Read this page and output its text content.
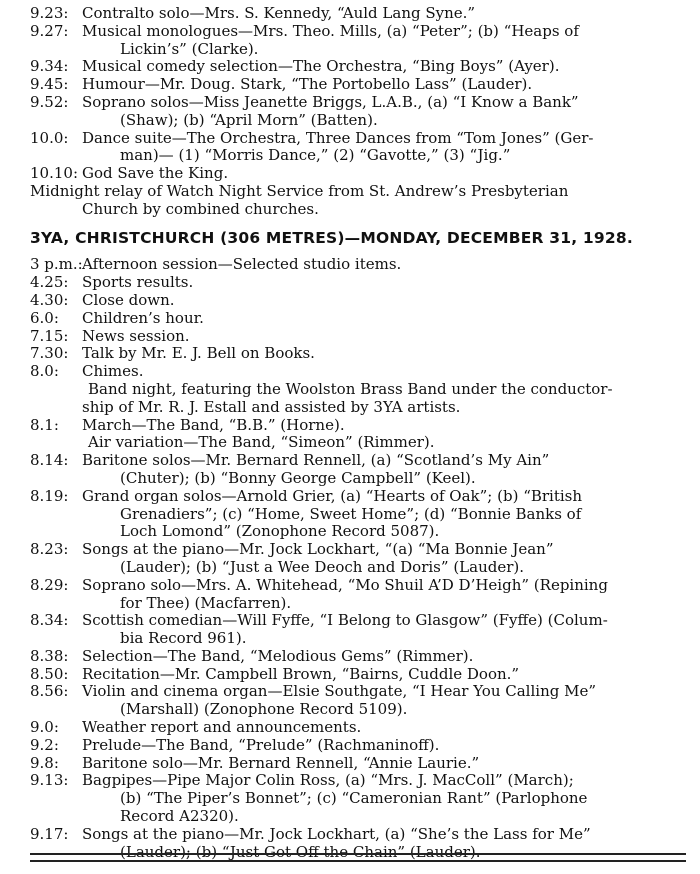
9.23: Contralto solo—Mrs. S. Kennedy, “Auld Lang Syne.”
9.27: Musical monologues—Mrs. Theo. Mills, (a) “Peter”; (b) “Heaps of
Lickin’s” (Clarke).
9.34: Musical comedy selection—The Orchestra, “Bing Boys” (Ayer).
9.45: Humour—Mr. Doug. Stark, “The Portobello Lass” (Lauder).
9.52: Soprano solos—Miss Jeanette Briggs, L.A.B., (a) “I Know a Bank”
(Shaw); (b) “April Morn” (Batten).
10.0: Dance suite—The Orchestra, Three Dances from “Tom Jones” (Ger-
man)— (1) “Morris Dance,” (2) “Gavotte,” (3) “Jig.”
10.10: God Save the King.
Midnight relay of Watch Night Service from St. Andrew’s Presbyterian
Church by combined churches.
3YA, CHRISTCHURCH (306 METRES)—MONDAY, DECEMBER 31, 1928.
3 p.m.: Afternoon session—Selected studio items.
4.25: Sports results.
4.30: Close down.
6.0:	Children’s hour.
7.15: News session.
7.30: Talk by Mr. E. J. Bell on Books.
8.0:	Chimes.
Band night, featuring the Woolston Brass Band under the conductor-
ship of Mr. R. J. Estall and assisted by 3YA artists.
8.1:	March—The Band, “B.B.” (Horne).
Air variation—The Band, “Simeon” (Rimmer).
8.14: Baritone solos—Mr. Bernard Rennell, (a) “Scotland’s My Ain”
(Chuter); (b) “Bonny George Campbell” (Keel).
8.19: Grand organ solos—Arnold Grier, (a) “Hearts of Oak”; (b) “British
Grenadiers”; (c) “Home, Sweet Home”; (d) “Bonnie Banks of
Loch Lomond” (Zonophone Record 5087).
8.23: Songs at the piano—Mr. Jock Lockhart, “(a) “Ma Bonnie Jean”
(Lauder); (b) “Just a Wee Deoch and Doris” (Lauder).
8.29: Soprano solo—Mrs. A. Whitehead, “Mo Shuil A’D D’Heigh” (Repining
for Thee) (Macfarren).
8.34: Scottish comedian—Will Fyffe, “I Belong to Glasgow” (Fyffe) (Colum-
bia Record 961).
8.38: Selection—The Band, “Melodious Gems” (Rimmer).
8.50: Recitation—Mr. Campbell Brown, “Bairns, Cuddle Doon.”
8.56: Violin and cinema organ—Elsie Southgate, “I Hear You Calling Me”
(Marshall) (Zonophone Record 5109).
9.0:	Weather report and announcements.
9.2:	Prelude—The Band, “Prelude” (Rachmaninoff).
9.8:	Baritone solo—Mr. Bernard Rennell, “Annie Laurie.”
9.13: Bagpipes—Pipe Major Colin Ross, (a) “Mrs. J. MacColl” (March);
(b) “The Piper’s Bonnet”; (c) “Cameronian Rant” (Parlophone
Record A2320).
9.17: Songs at the piano—Mr. Jock Lockhart, (a) “She’s the Lass for Me”
(Lauder); (b) “Just Got Off the Chain” (Lauder).
